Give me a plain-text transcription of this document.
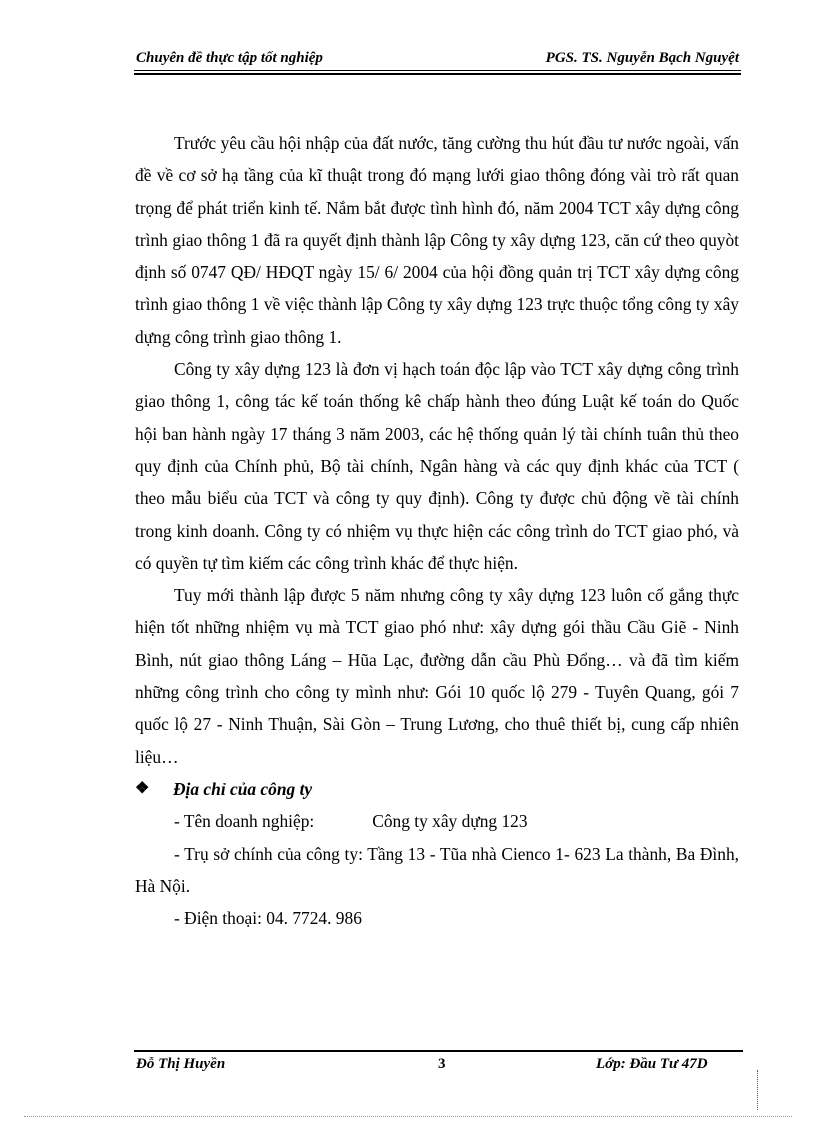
Chuyên đề thực tập tốt nghiệp	PGS. TS. Nguyễn Bạch Nguyệt

Trước yêu cầu hội nhập của đất nước, tăng cường thu hút đầu tư nước ngoài, vấn đề về cơ sở hạ tầng của kĩ thuật trong đó mạng lưới giao thông đóng vài trò rất quan trọng để phát triển kinh tế. Nắm bắt được tình hình đó, năm 2004 TCT xây dựng công trình giao thông 1 đã ra quyết định thành lập Công ty xây dựng 123, căn cứ theo quyòt định số 0747 QĐ/ HĐQT ngày 15/ 6/ 2004 của hội đồng quản trị TCT xây dựng công trình giao thông 1 về việc thành lập Công ty xây dựng 123 trực thuộc tổng công ty xây dựng công trình giao thông 1.

Công ty xây dựng 123 là đơn vị hạch toán độc lập vào TCT xây dựng công trình giao thông 1, công tác kế toán thống kê chấp hành theo đúng Luật kế toán do Quốc hội ban hành ngày 17 tháng 3 năm 2003, các hệ thống quản lý tài chính tuân thủ theo quy định của Chính phủ, Bộ tài chính, Ngân hàng và các quy định khác của TCT ( theo mẫu biểu của TCT và công ty quy định). Công ty được chủ động về tài chính trong kinh doanh. Công ty có nhiệm vụ thực hiện các công trình do TCT giao phó, và có quyền tự tìm kiếm các công trình khác để thực hiện.

Tuy mới thành lập được 5 năm nhưng công ty xây dựng 123 luôn cố gắng thực hiện tốt những nhiệm vụ mà TCT giao phó như: xây dựng gói thầu Cầu Giẽ - Ninh Bình, nút giao thông Láng – Hũa Lạc, đường dẫn cầu Phù Đổng… và đã tìm kiếm những công trình cho công ty mình như: Gói 10 quốc lộ 279 - Tuyên Quang, gói 7 quốc lộ 27 - Ninh Thuận, Sài Gòn – Trung Lương, cho thuê thiết bị, cung cấp nhiên liệu…

❖	Địa chỉ của công ty

- Tên doanh nghiệp:	Công ty xây dựng 123

- Trụ sở chính của công ty: Tầng 13 - Tũa nhà Cienco 1- 623 La thành, Ba Đình, Hà Nội.

- Điện thoại: 04. 7724. 986

Đỗ Thị Huyền	3	Lớp: Đầu Tư 47D
